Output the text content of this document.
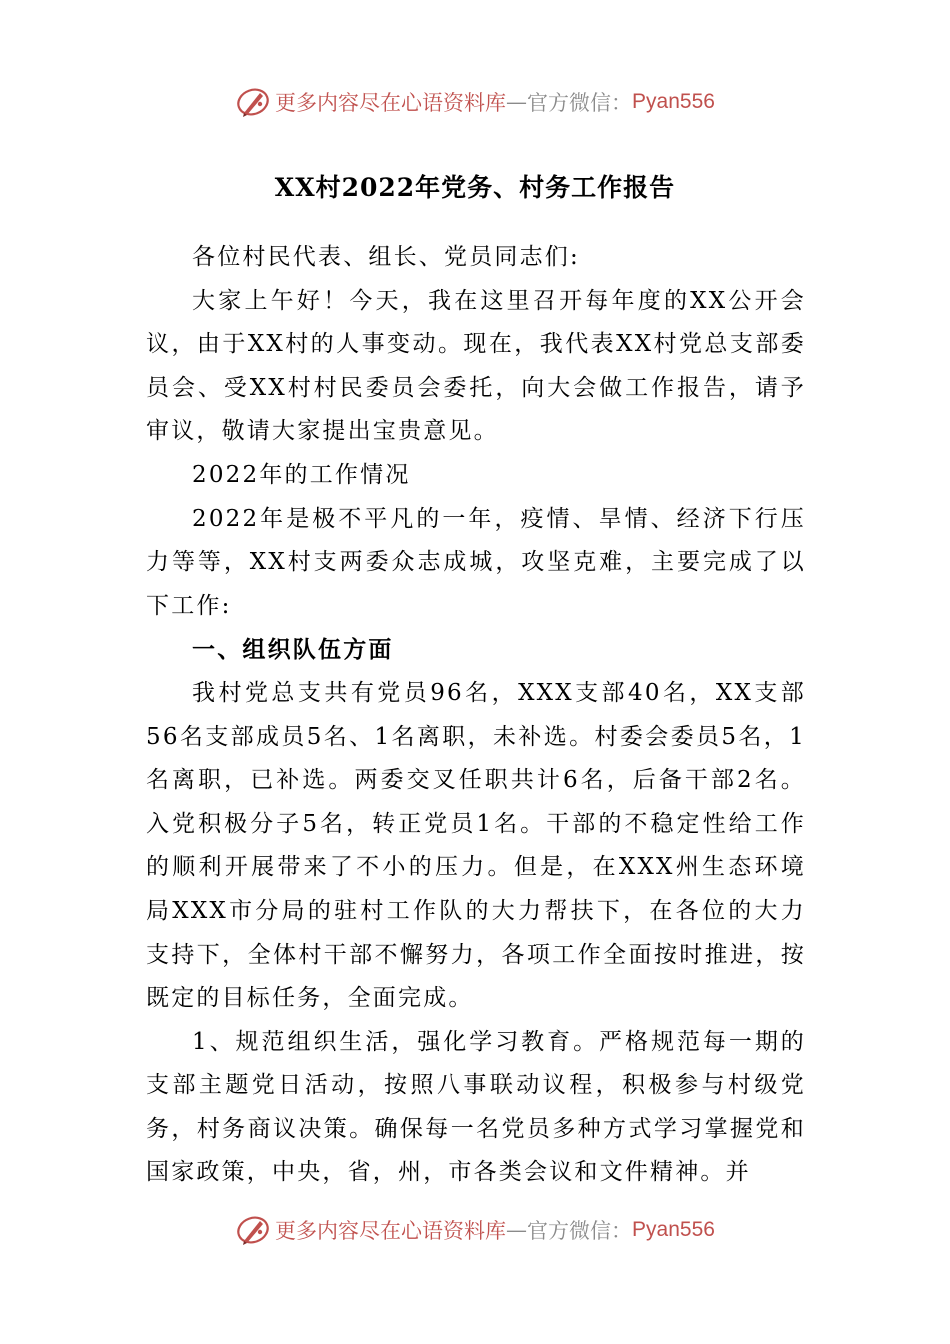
更多内容尽在心语资料库 — 官方微信： Pyan556
XX村2022年党务、村务工作报告

各位村民代表、组长、党员同志们:

大家上午好！今天，我在这里召开每年度的XX公开会议，由于XX村的人事变动。现在，我代表XX村党总支部委员会、受XX村村民委员会委托，向大会做工作报告，请予审议，敬请大家提出宝贵意见。

2022年的工作情况

2022年是极不平凡的一年，疫情、旱情、经济下行压力等等，XX村支两委众志成城，攻坚克难，主要完成了以下工作:

一、组织队伍方面

我村党总支共有党员96名，XXX支部40名，XX支部56名支部成员5名、1名离职，未补选。村委会委员5名，1名离职，已补选。两委交叉任职共计6名，后备干部2名。入党积极分子5名，转正党员1名。干部的不稳定性给工作的顺利开展带来了不小的压力。但是，在XXX州生态环境局XXX市分局的驻村工作队的大力帮扶下，在各位的大力支持下，全体村干部不懈努力，各项工作全面按时推进，按既定的目标任务，全面完成。

1、规范组织生活，强化学习教育。严格规范每一期的支部主题党日活动，按照八事联动议程，积极参与村级党务，村务商议决策。确保每一名党员多种方式学习掌握党和国家政策，中央，省，州，市各类会议和文件精神。并

更多内容尽在心语资料库 — 官方微信： Pyan556
